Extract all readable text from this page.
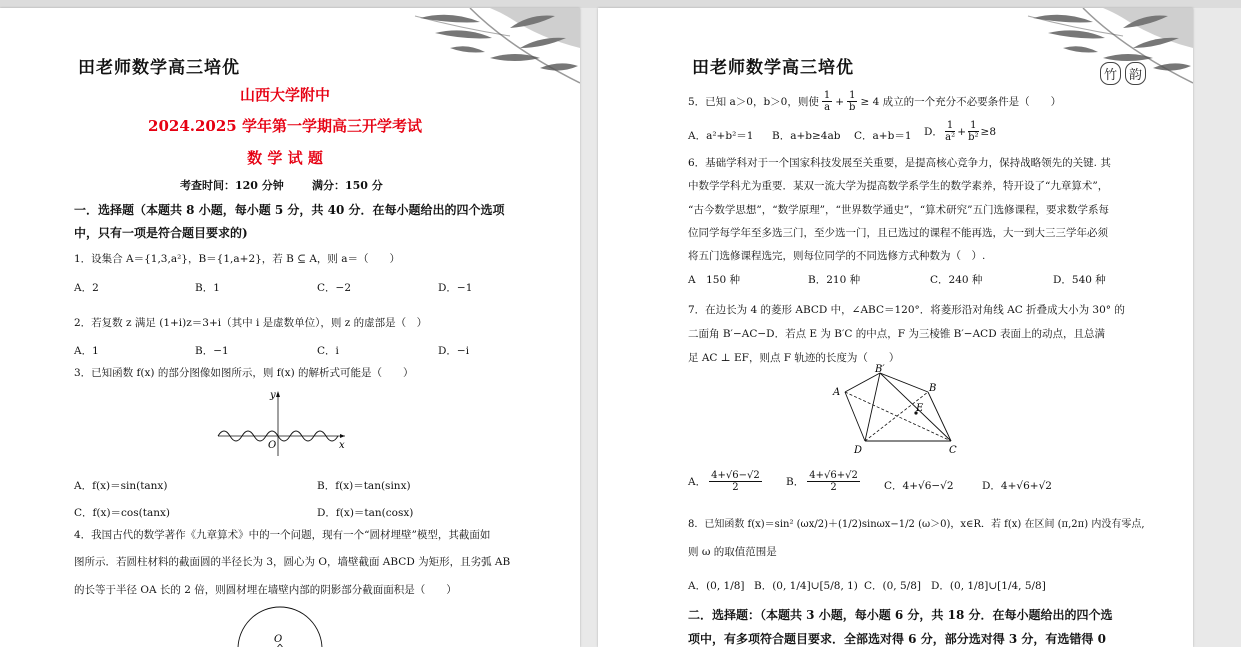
田老师数学高三培优
山西大学附中
2024.2025 学年第一学期高三开学考试
数 学 试 题
考查时间：120 分钟	满分：150 分
一．选择题（本题共 8 小题，每小题 5 分，共 40 分．在每小题给出的四个选项
中，只有一项是符合题目要求的)
1．设集合 A＝{1,3,a²}，B＝{1,a+2}，若 B ⊆ A，则 a＝（　　）
A．2	B．1	C．−2	D．−1
2．若复数 z 满足 (1+i)z＝3+i（其中 i 是虚数单位），则 z 的虚部是（　）
A．1	B．−1	C．i	D．−i
3．已知函数 f(x) 的部分图像如图所示，则 f(x) 的解析式可能是（　　）
y
x
O
A．f(x)＝sin(tanx)	B．f(x)＝tan(sinx)
C．f(x)＝cos(tanx)	D．f(x)＝tan(cosx)
4．我国古代的数学著作《九章算术》中的一个问题，现有一个“圆材埋壁”模型，其截面如
图所示．若圆柱材料的截面圆的半径长为 3，圆心为 O，墙壁截面 ABCD 为矩形，且劣弧 AB
的长等于半径 OA 长的 2 倍，则圆材埋在墙壁内部的阴影部分截面面积是（　　）
O
田老师数学高三培优	竹 韵
5．已知 a＞0，b＞0，则使 $\frac{1}{a} + \frac{1}{b} \ge 4$ 成立的一个充分不必要条件是（　　）
A．a²+b²＝1 B．a+b≥4ab C．a+b＝1 D． $\frac{1}{\text{a²}} + \frac{1}{\text{b²}} \ge 8$
6．基础学科对于一个国家科技发展至关重要，是提高核心竞争力，保持战略领先的关键. 其
中数学学科尤为重要．某双一流大学为提高数学系学生的数学素养，特开设了“九章算术”，
“古今数学思想”，“数学原理”，“世界数学通史”，“算术研究”五门选修课程，要求数学系每
位同学每学年至多选三门，至少选一门，且已选过的课程不能再选，大一到大三三学年必须
将五门选修课程选完，则每位同学的不同选修方式种数为（　）.
A　150 种	B．210 种	C．240 种	D．540 种
7．在边长为 4 的菱形 ABCD 中，∠ABC＝120°．将菱形沿对角线 AC 折叠成大小为 30° 的
二面角 B′−AC−D．若点 E 为 B′C 的中点，F 为三棱锥 B′−ACD 表面上的动点，且总满
足 AC ⊥ EF，则点 F 轨迹的长度为（　　）
A
B′
B
E
D	C
A． $\frac{4+√6-√2}{2}$ B． $\frac{4+√6+√2}{2}$ C．4+√6−√2	D．4+√6+√2
8．已知函数 f(x)＝sin² (ωx/2)＋(1/2)sinωx−1/2 (ω＞0)，x∈R．若 f(x) 在区间 (π,2π) 内没有零点,
则 ω 的取值范围是
A．(0, 1/8] B．(0, 1/4]∪[5/8, 1) C．(0, 5/8] D．(0, 1/8]∪[1/4, 5/8]
二．选择题：（本题共 3 小题，每小题 6 分，共 18 分．在每小题给出的四个选
项中，有多项符合题目要求．全部选对得 6 分，部分选对得 3 分，有选错得 0
